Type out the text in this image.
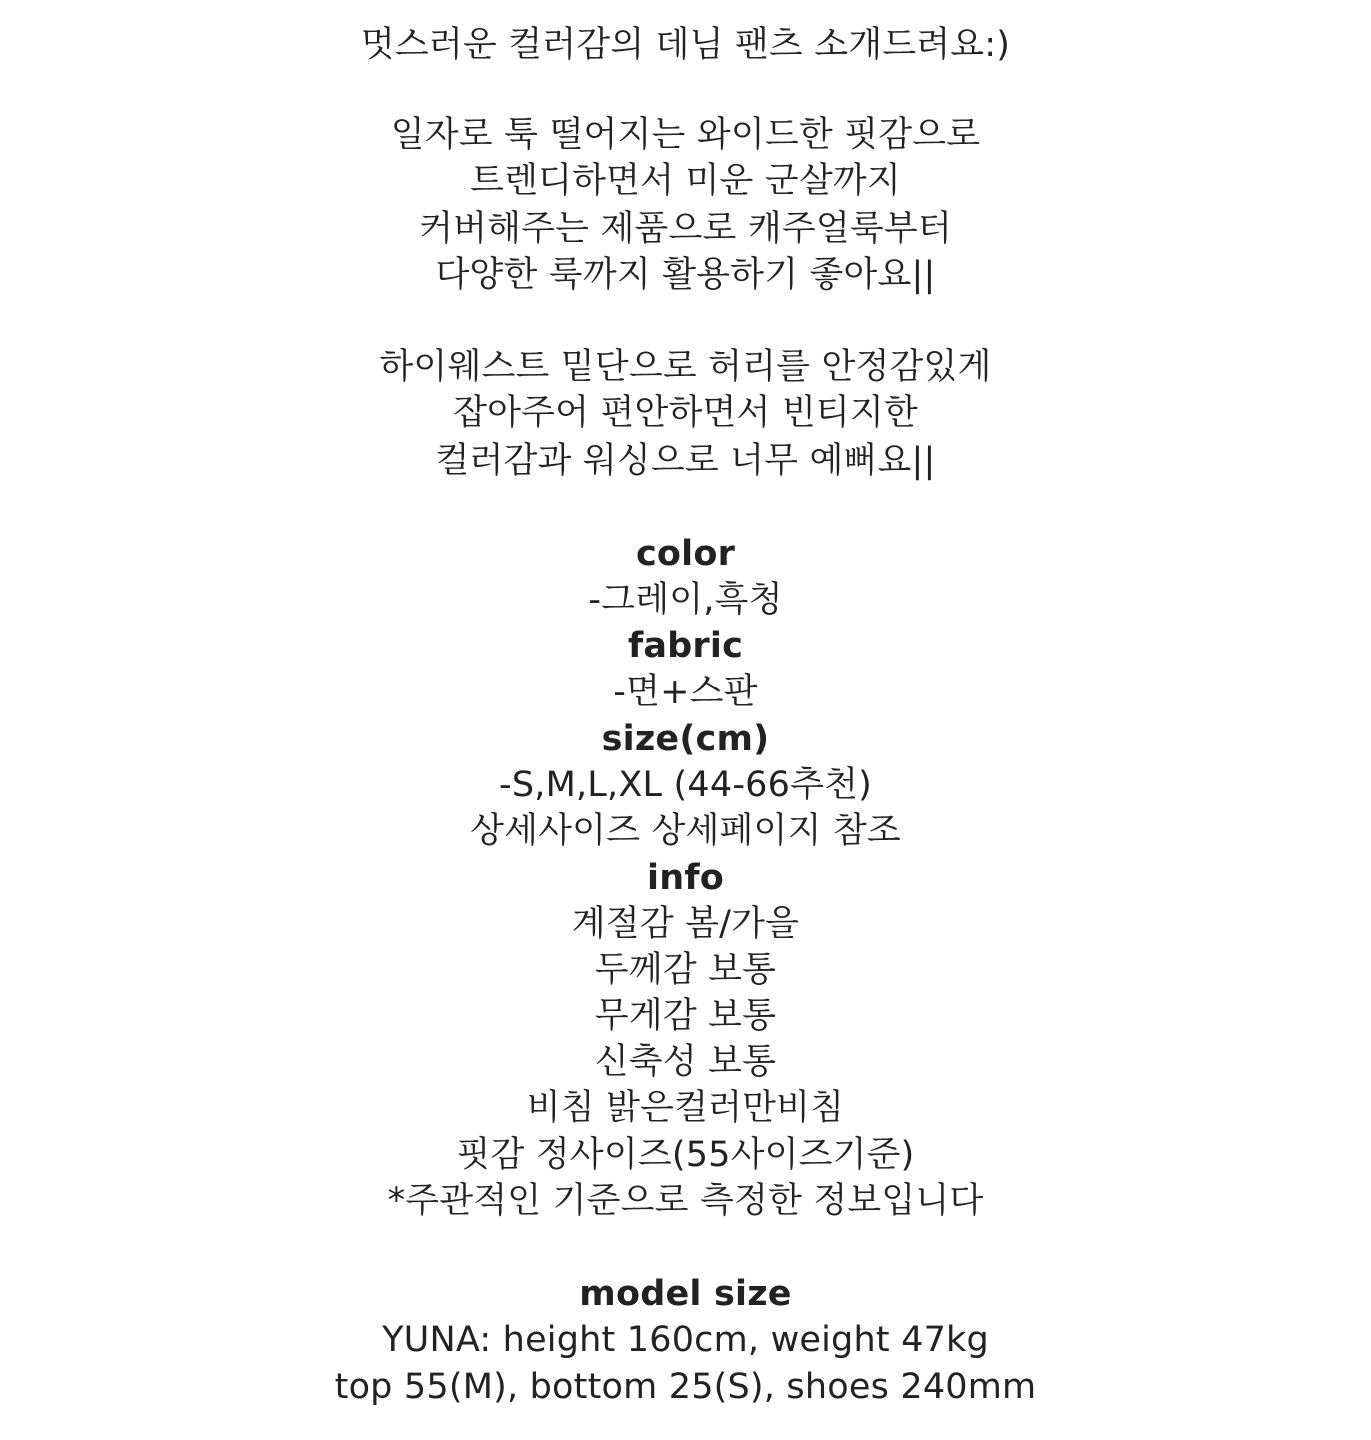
멋스러운 컬러감의 데님 팬츠 소개드려요:)
일자로 툭 떨어지는 와이드한 핏감으로
트렌디하면서 미운 군살까지
커버해주는 제품으로 캐주얼룩부터
다양한 룩까지 활용하기 좋아요||
하이웨스트 밑단으로 허리를 안정감있게
잡아주어 편안하면서 빈티지한
컬러감과 워싱으로 너무 예뻐요||
color
-그레이,흑청
fabric
-면+스판
size(cm)
-S,M,L,XL (44-66추천)
상세사이즈 상세페이지 참조
info
계절감 봄/가을
두께감 보통
무게감 보통
신축성 보통
비침 밝은컬러만비침
핏감 정사이즈(55사이즈기준)
*주관적인 기준으로 측정한 정보입니다
model size
YUNA: height 160cm, weight 47kg
top 55(M), bottom 25(S), shoes 240mm
